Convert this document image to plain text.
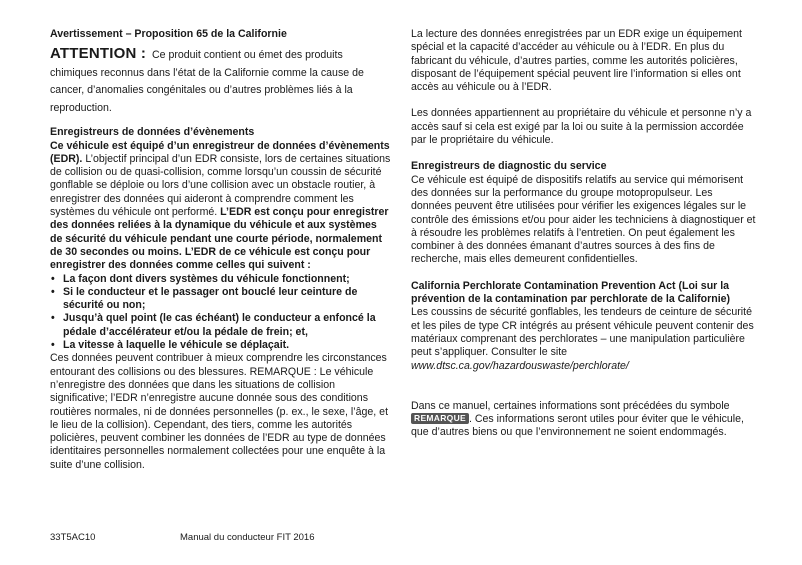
Avertissement – Proposition 65 de la Californie

ATTENTION : Ce produit contient ou émet des produits chimiques reconnus dans l’état de la Californie comme la cause de cancer, d’anomalies congénitales ou d’autres problèmes liés à la reproduction.

Enregistreurs de données d’évènements

Ce véhicule est équipé d’un enregistreur de données d’évènements (EDR). L’objectif principal d’un EDR consiste, lors de certaines situations de collision ou de quasi-collision, comme lorsqu’un coussin de sécurité gonflable se déploie ou lors d’une collision avec un obstacle routier, à enregistrer des données qui aideront à comprendre comment les systèmes du véhicule ont performé. L’EDR est conçu pour enregistrer des données reliées à la dynamique du véhicule et aux systèmes de sécurité du véhicule pendant une courte période, normalement de 30 secondes ou moins. L’EDR de ce véhicule est conçu pour enregistrer des données comme celles qui suivent :

• La façon dont divers systèmes du véhicule fonctionnent;
• Si le conducteur et le passager ont bouclé leur ceinture de sécurité ou non;
• Jusqu’à quel point (le cas échéant) le conducteur a enfoncé la pédale d’accélérateur et/ou la pédale de frein; et,
• La vitesse à laquelle le véhicule se déplaçait.

Ces données peuvent contribuer à mieux comprendre les circonstances entourant des collisions ou des blessures. REMARQUE : Le véhicule n’enregistre des données que dans les situations de collision significative; l’EDR n’enregistre aucune donnée sous des conditions routières normales, ni de données personnelles (p. ex., le sexe, l’âge, et le lieu de la collision). Cependant, des tiers, comme les autorités policières, peuvent combiner les données de l’EDR au type de données identitaires personnelles normalement collectées pour une enquête à la suite d’une collision.

La lecture des données enregistrées par un EDR exige un équipement spécial et la capacité d’accéder au véhicule ou à l’EDR. En plus du fabricant du véhicule, d’autres parties, comme les autorités policières, disposant de l’équipement spécial peuvent lire l’information si elles ont accès au véhicule ou à l’EDR.

Les données appartiennent au propriétaire du véhicule et personne n’y a accès sauf si cela est exigé par la loi ou suite à la permission accordée par le propriétaire du véhicule.

Enregistreurs de diagnostic du service

Ce véhicule est équipé de dispositifs relatifs au service qui mémorisent des données sur la performance du groupe motopropulseur. Les données peuvent être utilisées pour vérifier les exigences légales sur le contrôle des émissions et/ou pour aider les techniciens à diagnostiquer et à résoudre les problèmes relatifs à l’entretien. On peut également les combiner à des données émanant d’autres sources à des fins de recherche, mais elles demeurent confidentielles.

California Perchlorate Contamination Prevention Act (Loi sur la prévention de la contamination par perchlorate de la Californie)

Les coussins de sécurité gonflables, les tendeurs de ceinture de sécurité et les piles de type CR intégrés au présent véhicule peuvent contenir des matériaux comprenant des perchlorates – une manipulation particulière peut s’appliquer. Consulter le site www.dtsc.ca.gov/hazardouswaste/perchlorate/

Dans ce manuel, certaines informations sont précédées du symbole REMARQUE . Ces informations seront utiles pour éviter que le véhicule, que d’autres biens ou que l’environnement ne soient endommagés.

33T5AC10	Manual du conducteur FIT 2016
